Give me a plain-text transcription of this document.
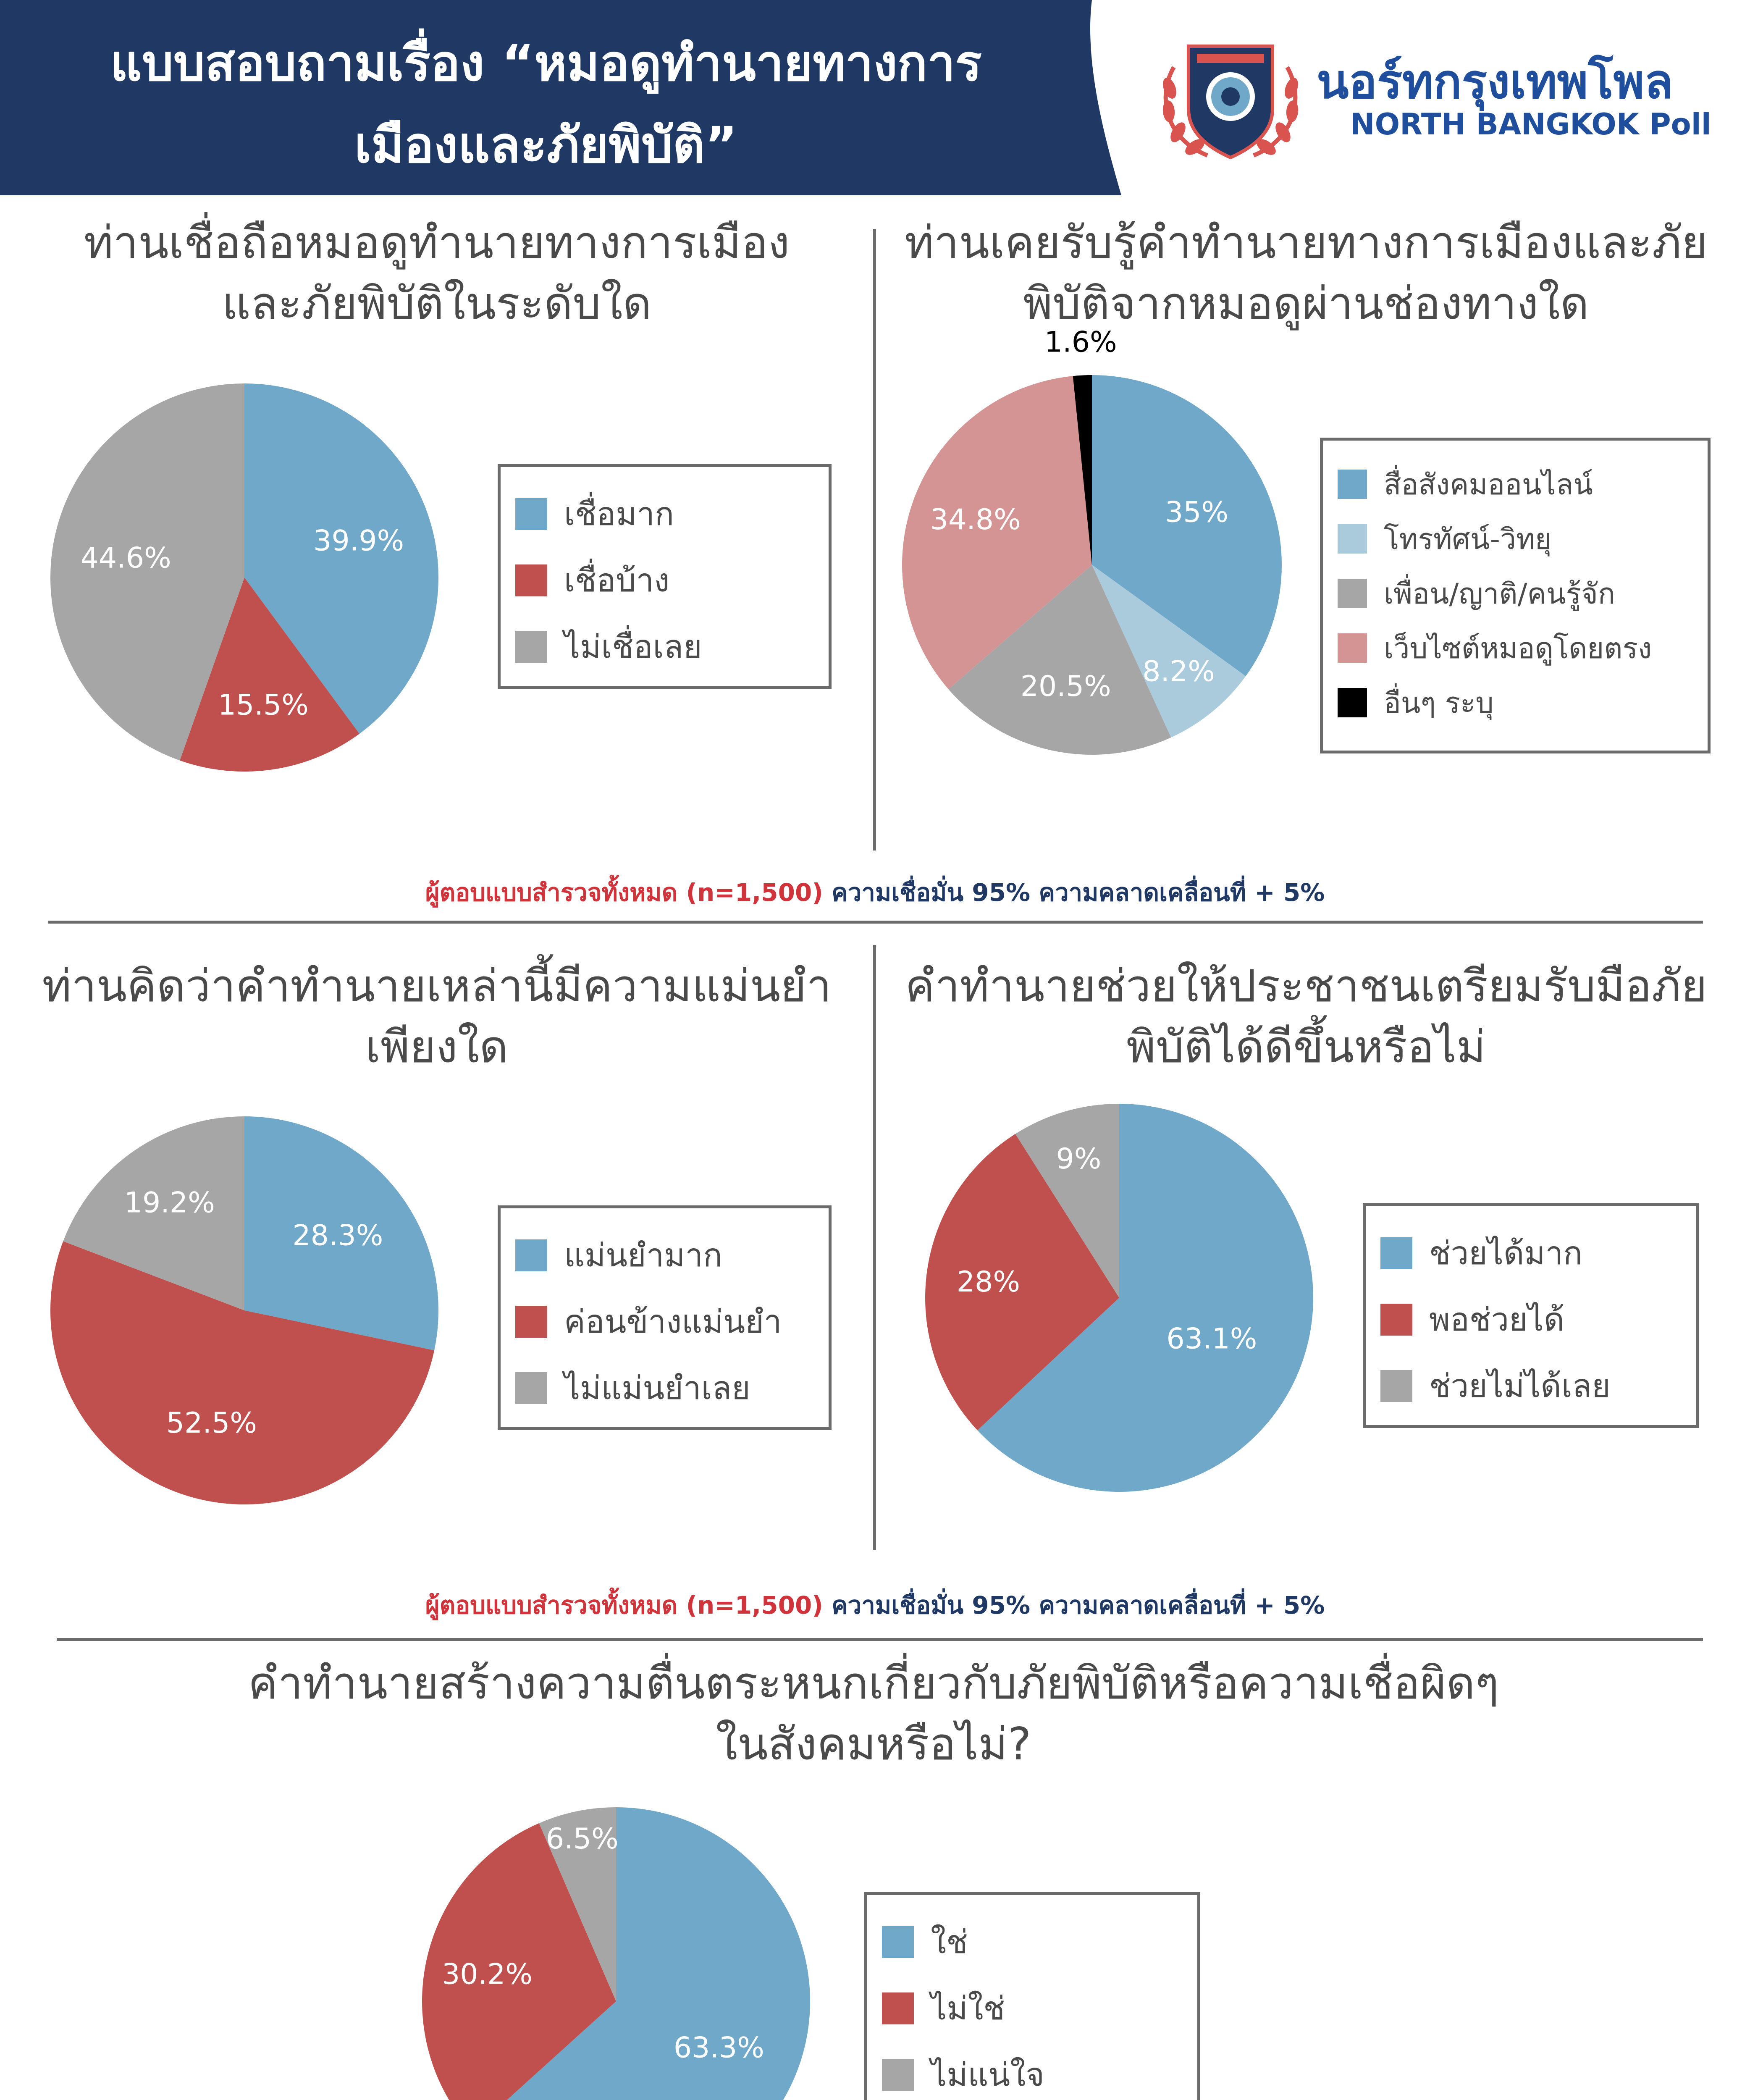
แบบสอบถามเรื่อง “หมอดูทำนายทางการ
เมืองและภัยพิบัติ”
นอร์ทกรุงเทพโพล
NORTH BANGKOK Poll
ท่านเชื่อถือหมอดูทำนายทางการเมือง
และภัยพิบัติในระดับใด
ท่านเคยรับรู้คำทำนายทางการเมืองและภัย
พิบัติจากหมอดูผ่านช่องทางใด
ท่านคิดว่าคำทำนายเหล่านี้มีความแม่นยำ
เพียงใด
คำทำนายช่วยให้ประชาชนเตรียมรับมือภัย
พิบัติได้ดีขึ้นหรือไม่
คำทำนายสร้างความตื่นตระหนกเกี่ยวกับภัยพิบัติหรือความเชื่อผิดๆ
ในสังคมหรือไม่?
39.9%
15.5%
44.6%
35%
8.2%
20.5%
34.8%
1.6%
28.3%
52.5%
19.2%
63.1%
28%
9%
63.3%
30.2%
6.5%
เชื่อมาก
เชื่อบ้าง
ไม่เชื่อเลย
สื่อสังคมออนไลน์
โทรทัศน์-วิทยุ
เพื่อน/ญาติ/คนรู้จัก
เว็บไซต์หมอดูโดยตรง
อื่นๆ ระบุ
แม่นยำมาก
ค่อนข้างแม่นยำ
ไม่แม่นยำเลย
ช่วยได้มาก
พอช่วยได้
ช่วยไม่ได้เลย
ใช่
ไม่ใช่
ไม่แน่ใจ
ผู้ตอบแบบสำรวจทั้งหมด (n=1,500) ความเชื่อมั่น 95% ความคลาดเคลื่อนที่ + 5%
ผู้ตอบแบบสำรวจทั้งหมด (n=1,500) ความเชื่อมั่น 95% ความคลาดเคลื่อนที่ + 5%
